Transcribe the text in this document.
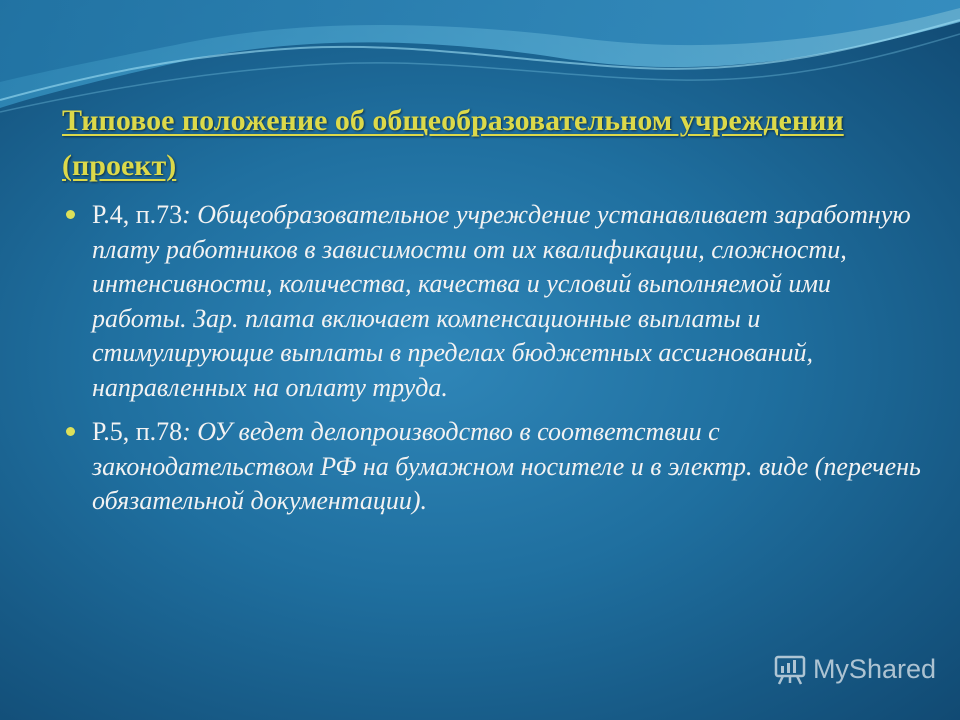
Типовое положение об общеобразовательном учреждении (проект)
Р.4, п.73: Общеобразовательное учреждение устанавливает заработную плату работников в зависимости от их квалификации, сложности, интенсивности, количества, качества и условий выполняемой ими работы. Зар. плата включает компенсационные выплаты и стимулирующие выплаты в пределах бюджетных ассигнований, направленных на оплату труда.
Р.5, п.78: ОУ ведет делопроизводство в соответствии с законодательством РФ на бумажном носителе и в электр. виде (перечень обязательной документации).
MyShared
